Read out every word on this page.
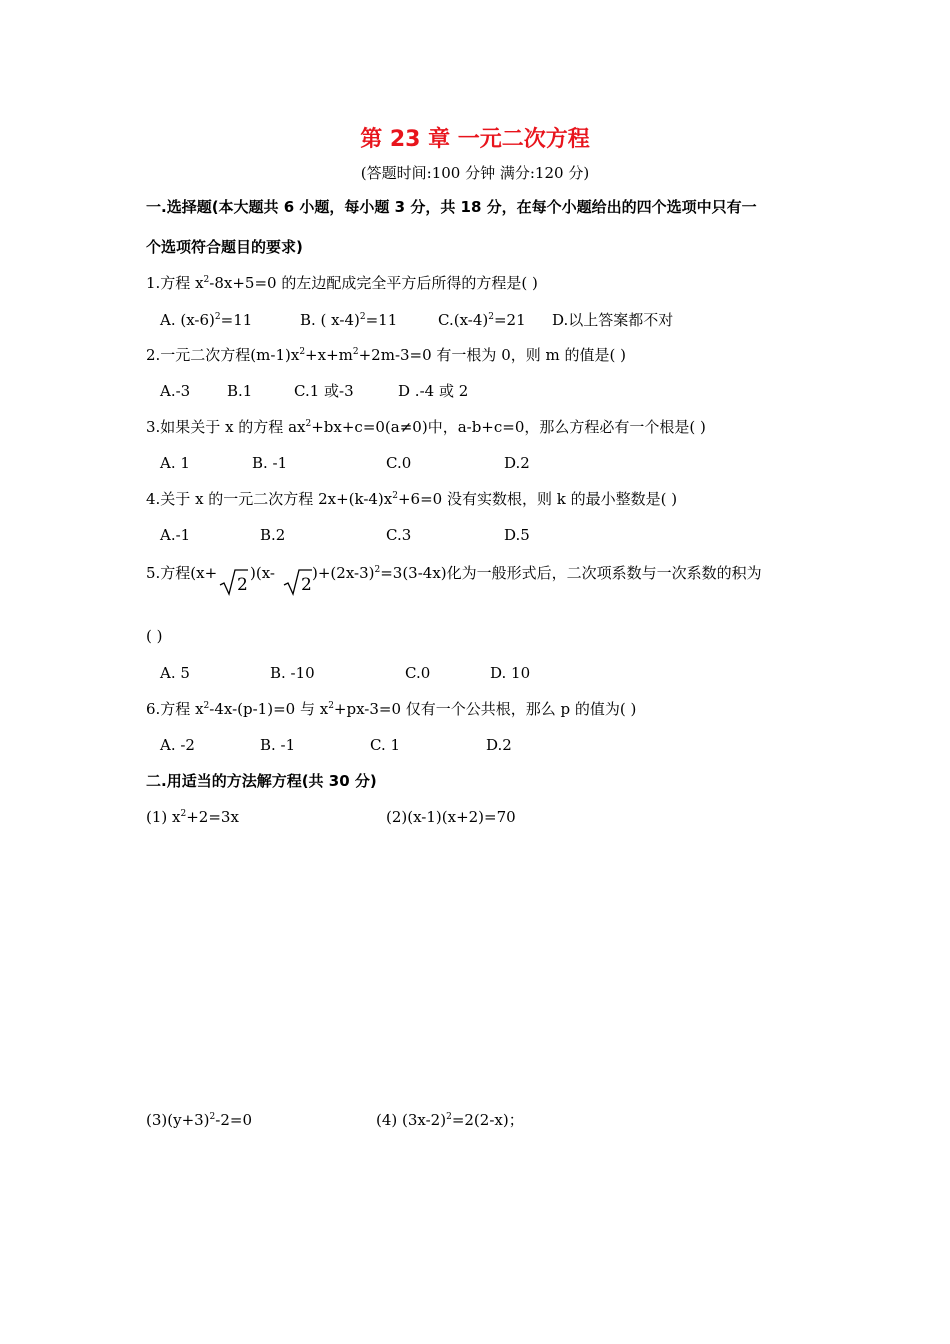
第 23 章 一元二次方程
(答题时间:100 分钟 满分:120 分)
一.选择题(本大题共 6 小题，每小题 3 分，共 18 分，在每个小题给出的四个选项中只有一
个选项符合题目的要求)
1.方程 $x^2-8x+5=0$ 的左边配成完全平方后所得的方程是( )
A. $(x-6)^2=11$	B. ( x-4)$^2$=11	$C.(x-4)^2=21$ D.以上答案都不对
2.一元二次方程$(m-1)x^2+x+m^2+2m-3=0$ 有一根为 0，则 m 的值是( )
A.-3 B.1	C.1 或-3	D .-4 或 2
3.如果关于 x 的方程 $ax^2+bx+c=0(a\ne 0)$中，a-b+c=0，那么方程必有一个根是( )
A. 1	B. -1	C.0	D.2
4.关于 x 的一元二次方程 $2x+(k-4)x^2+6=0$ 没有实数根，则 k 的最小整数是( )
A.-1	B.2	C.3	D.5
5.方程(x+
2
)(x-
2
)$+(2x-3)^2=3(3-4x)$化为一般形式后，二次项系数与一次系数的积为
( )
A. 5	B. -10	C.0	D. 10
6.方程 $x^2-4x-(p-1)=0$ 与 $x^2+px-3=0$ 仅有一个公共根，那么 p 的值为( )
A. -2	B. -1	C. 1	D.2
二.用适当的方法解方程(共 30 分)
(1) $x^2+2=3x$	(2)(x-1)(x+2)=70
$(3)(y+3)^2-2=0$	(4) $(3x-2)^2=2(2-x)$；
